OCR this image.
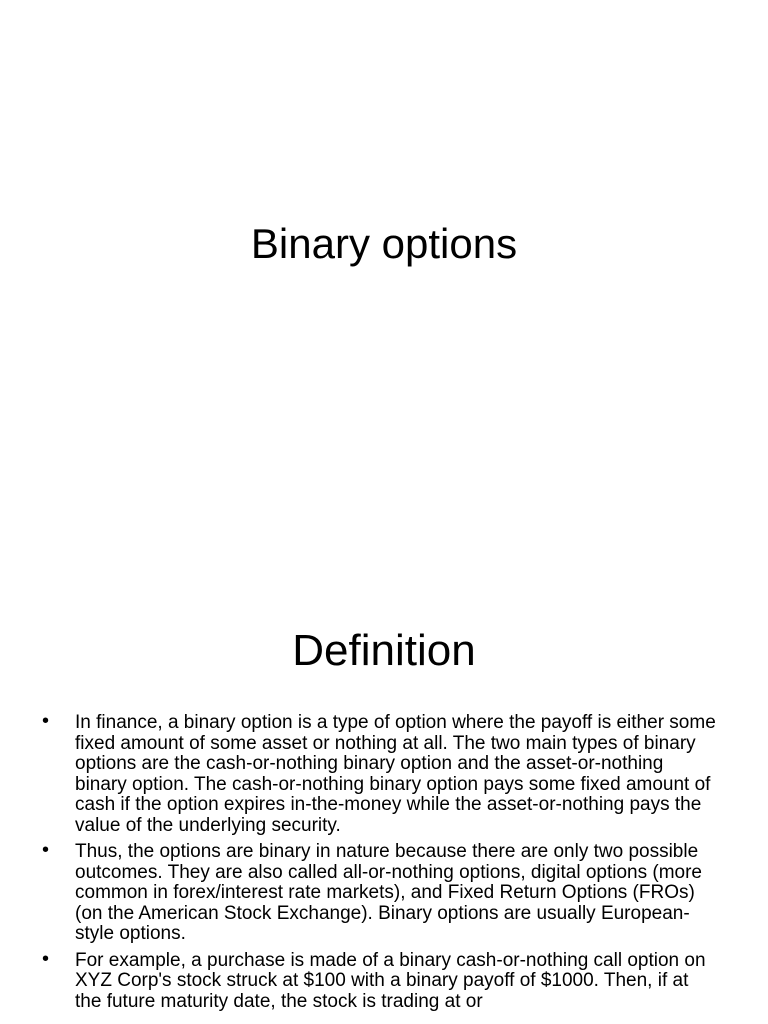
Binary options
Definition
• In finance, a binary option is a type of option where the payoff is either some fixed amount of some asset or nothing at all. The two main types of binary options are the cash-or-nothing binary option and the asset-or-nothing binary option. The cash-or-nothing binary option pays some fixed amount of cash if the option expires in-the-money while the asset-or-nothing pays the value of the underlying security.
• Thus, the options are binary in nature because there are only two possible outcomes. They are also called all-or-nothing options, digital options (more common in forex/interest rate markets), and Fixed Return Options (FROs) (on the American Stock Exchange). Binary options are usually European-style options.
• For example, a purchase is made of a binary cash-or-nothing call option on XYZ Corp's stock struck at $100 with a binary payoff of $1000. Then, if at the future maturity date, the stock is trading at or
